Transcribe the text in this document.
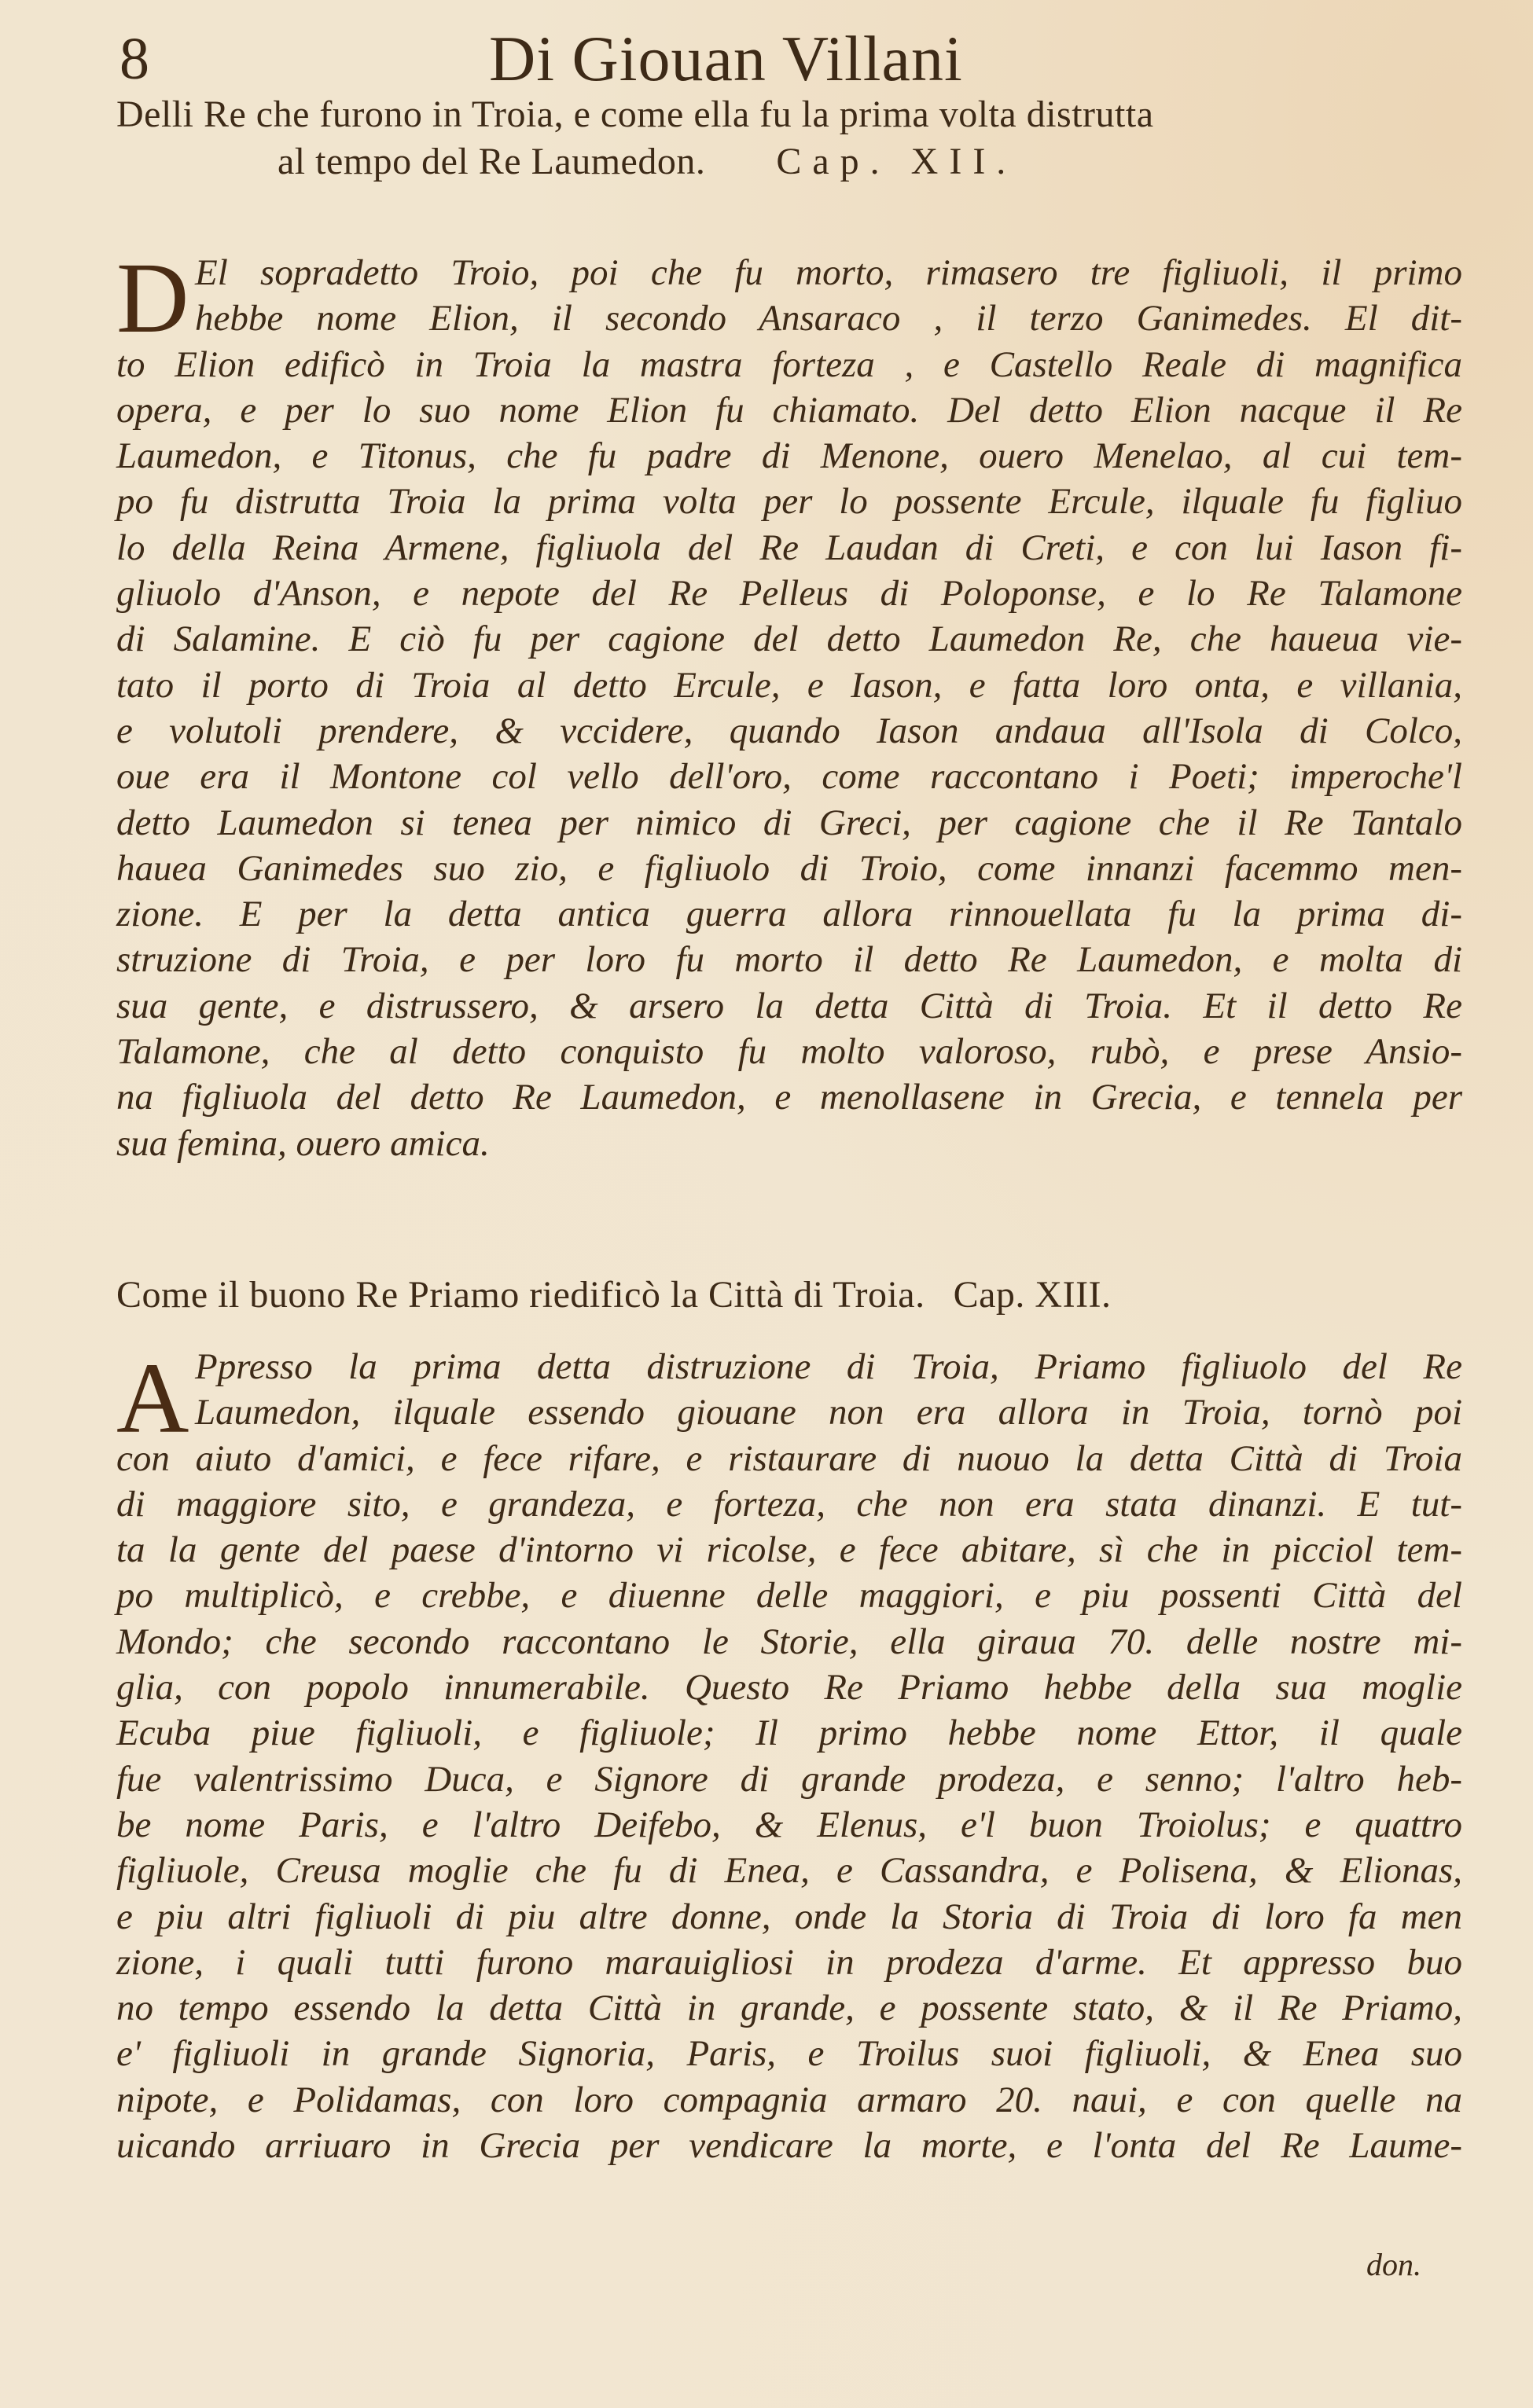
8	Di Giouan Villani
Delli Re che furono in Troia, e come ella fu la prima volta distrutta
al tempo del Re Laumedon. Cap. XII.
D El sopradetto Troio, poi che fu morto, rimasero tre figliuoli, il primo
hebbe nome Elion, il secondo Ansaraco , il terzo Ganimedes. El dit-
to Elion edificò in Troia la mastra forteza , e Castello Reale di magnifica
opera, e per lo suo nome Elion fu chiamato. Del detto Elion nacque il Re
Laumedon, e Titonus, che fu padre di Menone, ouero Menelao, al cui tem-
po fu distrutta Troia la prima volta per lo possente Ercule, ilquale fu figliuo
lo della Reina Armene, figliuola del Re Laudan di Creti, e con lui Iason fi-
gliuolo d'Anson, e nepote del Re Pelleus di Poloponse, e lo Re Talamone
di Salamine. E ciò fu per cagione del detto Laumedon Re, che haueua vie-
tato il porto di Troia al detto Ercule, e Iason, e fatta loro onta, e villania,
e volutoli prendere, & vccidere, quando Iason andaua all'Isola di Colco,
oue era il Montone col vello dell'oro, come raccontano i Poeti; imperoche'l
detto Laumedon si tenea per nimico di Greci, per cagione che il Re Tantalo
hauea Ganimedes suo zio, e figliuolo di Troio, come innanzi facemmo men-
zione. E per la detta antica guerra allora rinnouellata fu la prima di-
struzione di Troia, e per loro fu morto il detto Re Laumedon, e molta di
sua gente, e distrussero, & arsero la detta Città di Troia. Et il detto Re
Talamone, che al detto conquisto fu molto valoroso, rubò, e prese Ansio-
na figliuola del detto Re Laumedon, e menollasene in Grecia, e tennela per
sua femina, ouero amica.
Come il buono Re Priamo riedificò la Città di Troia. Cap. XIII.
A Ppresso la prima detta distruzione di Troia, Priamo figliuolo del Re
Laumedon, ilquale essendo giouane non era allora in Troia, tornò poi
con aiuto d'amici, e fece rifare, e ristaurare di nuouo la detta Città di Troia
di maggiore sito, e grandeza, e forteza, che non era stata dinanzi. E tut-
ta la gente del paese d'intorno vi ricolse, e fece abitare, sì che in picciol tem-
po multiplicò, e crebbe, e diuenne delle maggiori, e piu possenti Città del
Mondo; che secondo raccontano le Storie, ella giraua 70. delle nostre mi-
glia, con popolo innumerabile. Questo Re Priamo hebbe della sua moglie
Ecuba piue figliuoli, e figliuole; Il primo hebbe nome Ettor, il quale
fue valentrissimo Duca, e Signore di grande prodeza, e senno; l'altro heb-
be nome Paris, e l'altro Deifebo, & Elenus, e'l buon Troiolus; e quattro
figliuole, Creusa moglie che fu di Enea, e Cassandra, e Polisena, & Elionas,
e piu altri figliuoli di piu altre donne, onde la Storia di Troia di loro fa men
zione, i quali tutti furono marauigliosi in prodeza d'arme. Et appresso buo
no tempo essendo la detta Città in grande, e possente stato, & il Re Priamo,
e' figliuoli in grande Signoria, Paris, e Troilus suoi figliuoli, & Enea suo
nipote, e Polidamas, con loro compagnia armaro 20. naui, e con quelle na
uicando arriuaro in Grecia per vendicare la morte, e l'onta del Re Laume-
don.
